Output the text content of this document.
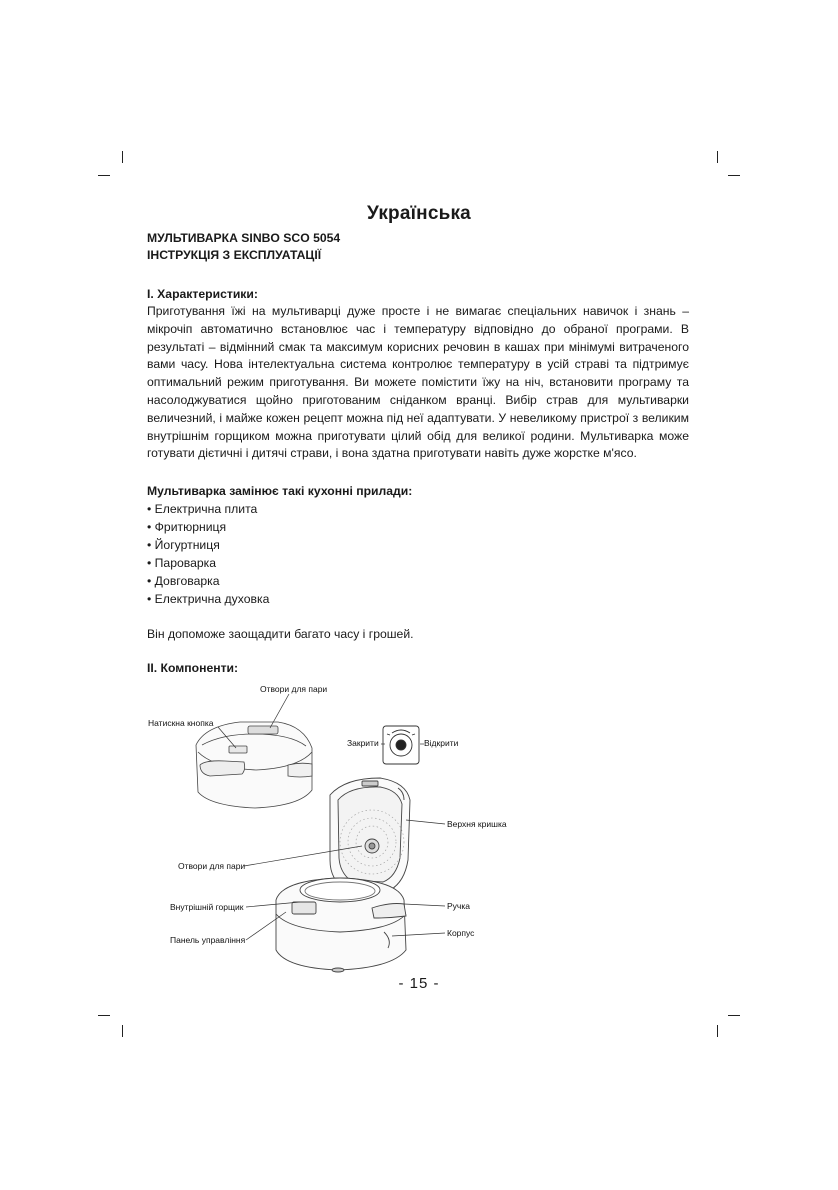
Українська
МУЛЬТИВАРКА SINBO SCO 5054
ІНСТРУКЦІЯ З ЕКСПЛУАТАЦІЇ
I. Характеристики:
Приготування їжі на мультиварці дуже просте і не вимагає спеціальних навичок і знань – мікрочіп автоматично встановлює час і температуру відповідно до обраної програми. В результаті – відмінний смак та максимум корисних речовин в кашах при мінімумі витраченого вами часу. Нова інтелектуальна система контролює температуру в усій страві та підтримує оптимальний режим приготування. Ви можете помістити їжу на ніч, встановити програму та насолоджуватися щойно приготованим сніданком вранці. Вибір страв для мультиварки величезний, і майже кожен рецепт можна під неї адаптувати. У невеликому пристрої з великим внутрішнім горщиком можна приготувати цілий обід для великої родини. Мультиварка може готувати дієтичні і дитячі страви, і вона здатна приготувати навіть дуже жорстке м'ясо.
Мультиварка замінює такі кухонні прилади:
• Електрична плита
• Фритюрниця
• Йогуртниця
• Пароварка
• Довговарка
• Електрична духовка
Він допоможе заощадити багато часу і грошей.
II. Компоненти:
Отвори для пари
Натискна кнопка
Закрити	Відкрити
Верхня кришка
Отвори для пари
Ручка
Внутрішній горщик
Корпус
Панель управління
- 15 -
